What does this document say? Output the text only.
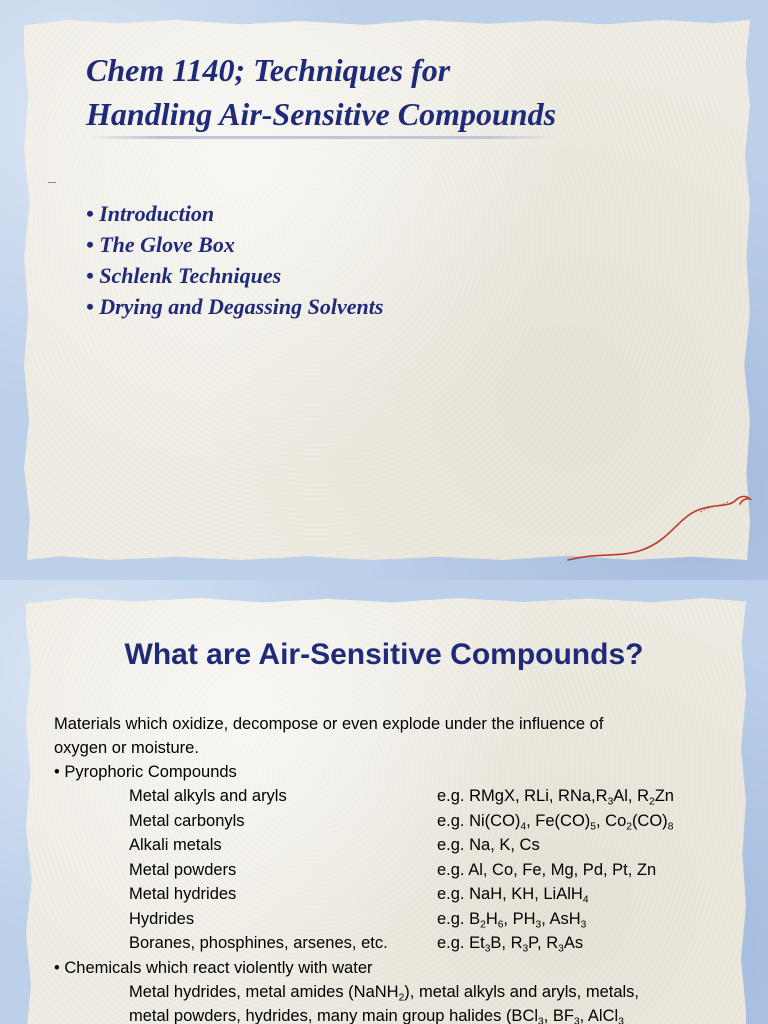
Chem 1140; Techniques for
Handling Air-Sensitive Compounds
• Introduction
• The Glove Box
• Schlenk Techniques
• Drying and Degassing Solvents
What are Air-Sensitive Compounds?

Materials which oxidize, decompose or even explode under the influence of
oxygen or moisture.

• Pyrophoric Compounds
Metal alkyls and aryls	e.g. RMgX, RLi, $RNa,R_3Al$, $R_2Zn$
Metal carbonyls	e.g. $Ni(CO)_4$, $Fe(CO)_5$, $Co_2(CO)_8$
Alkali metals	e.g. Na, K, Cs
Metal powders	e.g. Al, Co, Fe, Mg, Pd, Pt, Zn
Metal hydrides	e.g. NaH, KH, LiAlH$_4$
Hydrides	e.g. $B_2H_6$, $PH_3$, AsH$_3$
Boranes, phosphines, arsenes, etc.	e.g. $Et_3B$, $R_3P$, $R_3As$
• Chemicals which react violently with water
Metal hydrides, metal amides (NaNH$_2$), metal alkyls and aryls, metals,
metal powders, hydrides, many main group halides (BCl$_3$, $BF_3$, AlCl$_3$
